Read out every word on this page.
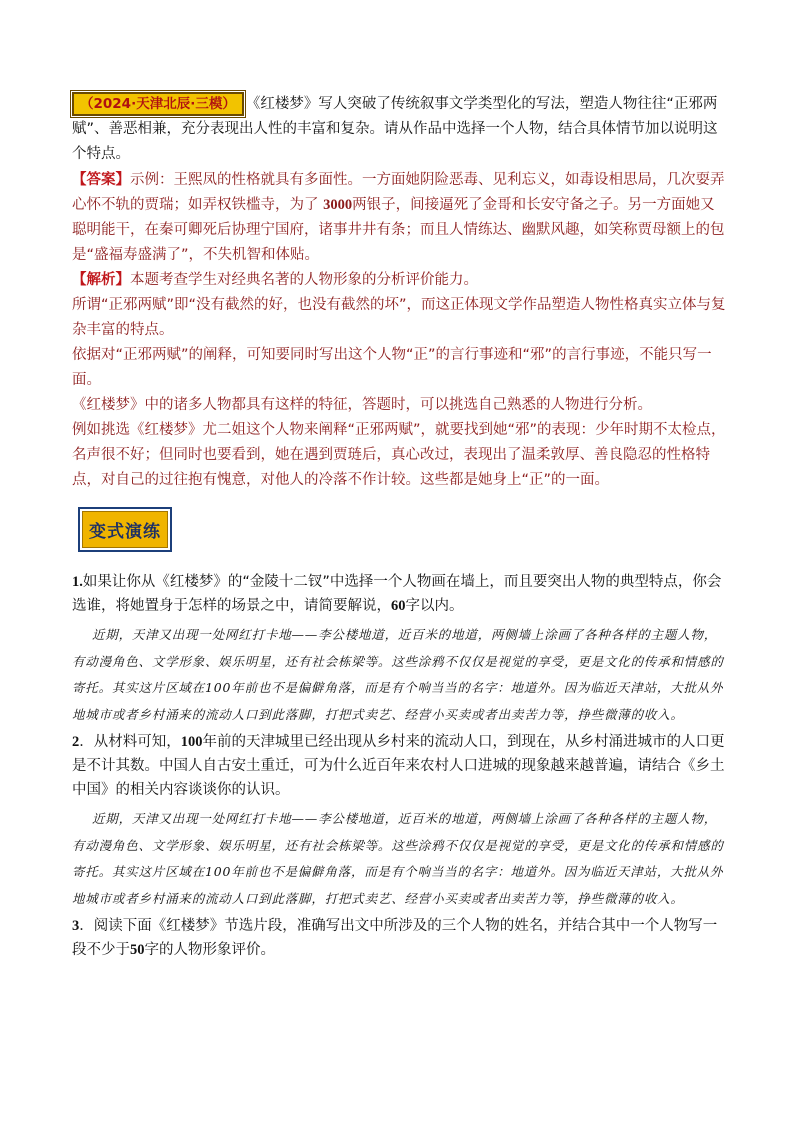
（2024·天津北辰·三模） 《红楼梦》写人突破了传统叙事文学类型化的写法，塑造人物往往“正邪两赋”、善恶相兼，充分表现出人性的丰富和复杂。请从作品中选择一个人物，结合具体情节加以说明这个特点。

【答案】示例：王熙凤的性格就具有多面性。一方面她阴险恶毒、见利忘义，如毒设相思局，几次耍弄心怀不轨的贾瑞；如弄权铁槛寺，为了 3000两银子，间接逼死了金哥和长安守备之子。另一方面她又聪明能干，在秦可卿死后协理宁国府，诸事井井有条；而且人情练达、幽默风趣，如笑称贾母额上的包是“盛福寿盛满了”，不失机智和体贴。

【解析】本题考查学生对经典名著的人物形象的分析评价能力。

所谓“正邪两赋”即“没有截然的好，也没有截然的坏”，而这正体现文学作品塑造人物性格真实立体与复杂丰富的特点。

依据对“正邪两赋”的阐释，可知要同时写出这个人物“正”的言行事迹和“邪”的言行事迹，不能只写一面。

《红楼梦》中的诸多人物都具有这样的特征，答题时，可以挑选自己熟悉的人物进行分析。

例如挑选《红楼梦》尤二姐这个人物来阐释“正邪两赋”，就要找到她“邪”的表现：少年时期不太检点，名声很不好；但同时也要看到，她在遇到贾琏后，真心改过，表现出了温柔敦厚、善良隐忍的性格特点，对自己的过往抱有愧意，对他人的冷落不作计较。这些都是她身上“正”的一面。

变式演练

1.如果让你从《红楼梦》的“金陵十二钗”中选择一个人物画在墙上，而且要突出人物的典型特点，你会选谁，将她置身于怎样的场景之中，请简要解说，60字以内。

近期，天津又出现一处网红打卡地——李公楼地道，近百米的地道，两侧墙上涂画了各种各样的主题人物，有动漫角色、文学形象、娱乐明星，还有社会栋梁等。这些涂鸦不仅仅是视觉的享受，更是文化的传承和情感的寄托。其实这片区域在100年前也不是偏僻角落，而是有个响当当的名字：地道外。因为临近天津站，大批从外地城市或者乡村涌来的流动人口到此落脚，打把式卖艺、经营小买卖或者出卖苦力等，挣些微薄的收入。

2．从材料可知，100年前的天津城里已经出现从乡村来的流动人口，到现在，从乡村涌进城市的人口更是不计其数。中国人自古安土重迁，可为什么近百年来农村人口进城的现象越来越普遍，请结合《乡土中国》的相关内容谈谈你的认识。

近期，天津又出现一处网红打卡地——李公楼地道，近百米的地道，两侧墙上涂画了各种各样的主题人物，有动漫角色、文学形象、娱乐明星，还有社会栋梁等。这些涂鸦不仅仅是视觉的享受，更是文化的传承和情感的寄托。其实这片区域在100年前也不是偏僻角落，而是有个响当当的名字：地道外。因为临近天津站，大批从外地城市或者乡村涌来的流动人口到此落脚，打把式卖艺、经营小买卖或者出卖苦力等，挣些微薄的收入。

3．阅读下面《红楼梦》节选片段，准确写出文中所涉及的三个人物的姓名，并结合其中一个人物写一段不少于50字的人物形象评价。
